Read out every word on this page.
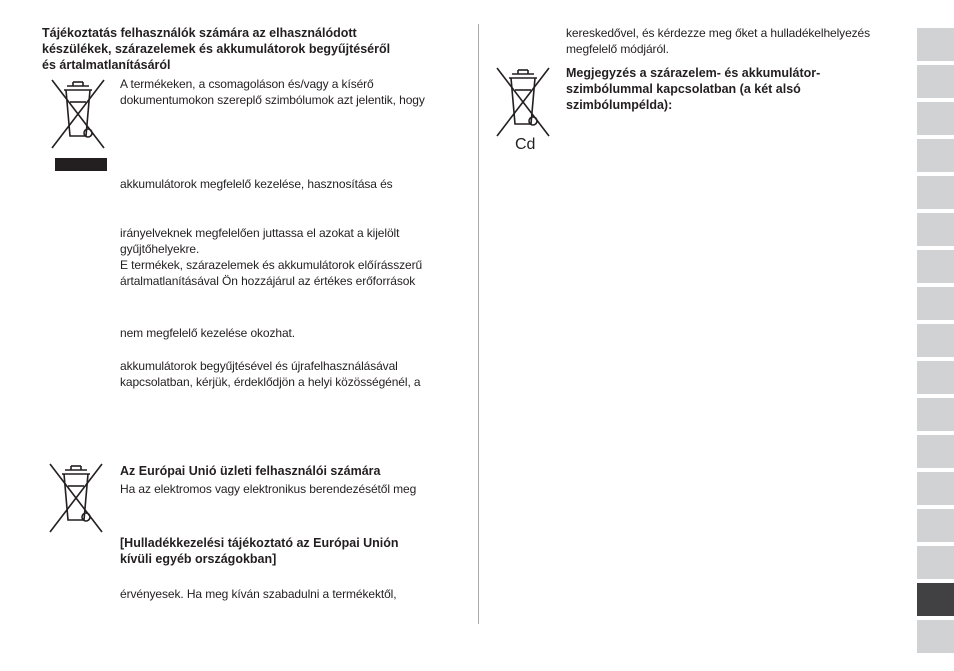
Tájékoztatás felhasználók számára az elhasználódott
készülékek, szárazelemek és akkumulátorok begyűjtéséről
és ártalmatlanításáról
A termékeken, a csomagoláson és/vagy a kísérő
dokumentumokon szereplő szimbólumok azt jelentik, hogy
akkumulátorok megfelelő kezelése, hasznosítása és
irányelveknek megfelelően juttassa el azokat a kijelölt
gyűjtőhelyekre.
E termékek, szárazelemek és akkumulátorok előírásszerű
ártalmatlanításával Ön hozzájárul az értékes erőforrások
nem megfelelő kezelése okozhat.
akkumulátorok begyűjtésével és újrafelhasználásával
kapcsolatban, kérjük, érdeklődjön a helyi közösségénél, a
Az Európai Unió üzleti felhasználói számára
Ha az elektromos vagy elektronikus berendezésétől meg
[Hulladékkezelési tájékoztató az Európai Unión
kívüli egyéb országokban]
érvényesek. Ha meg kíván szabadulni a termékektől,
kereskedővel, és kérdezze meg őket a hulladékelhelyezés
megfelelő módjáról.
Cd
Megjegyzés a szárazelem- és akkumulátor-
szimbólummal kapcsolatban (a két alsó
szimbólumpélda):
